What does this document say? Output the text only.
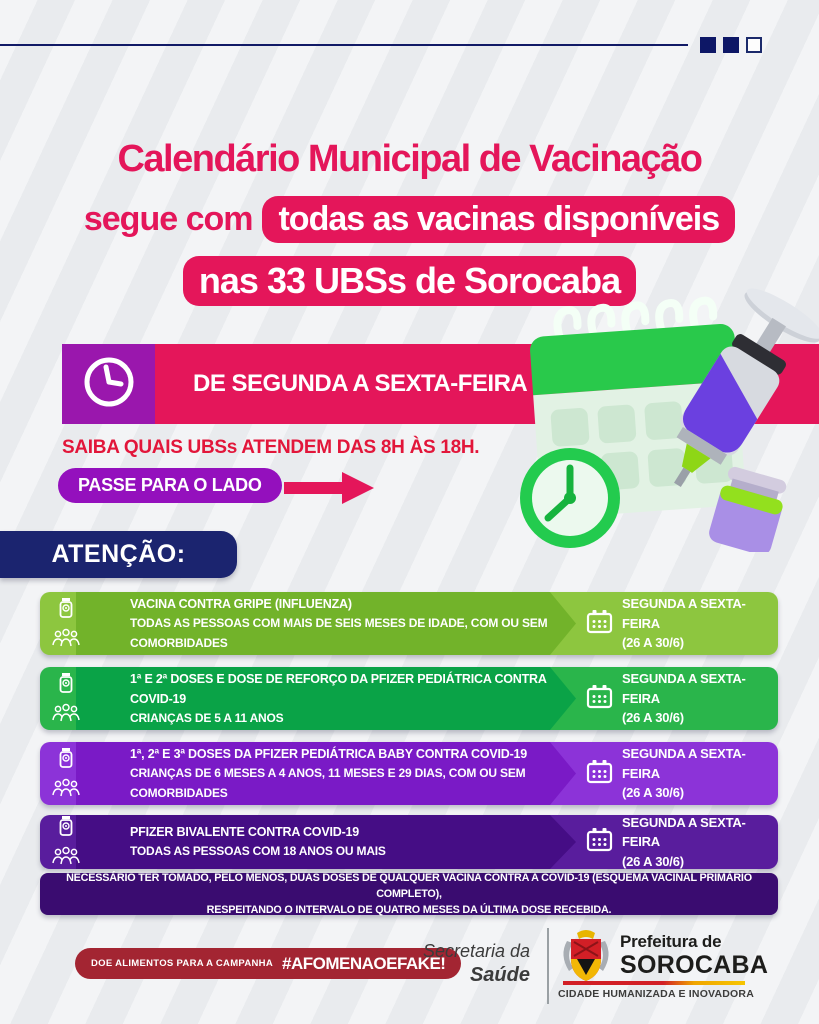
Calendário Municipal de Vacinação
segue com todas as vacinas disponíveis
nas 33 UBSs de Sorocaba
DE SEGUNDA A SEXTA-FEIRA
SAIBA QUAIS UBSs ATENDEM DAS 8H ÀS 18H.
PASSE PARA O LADO
ATENÇÃO:
VACINA CONTRA GRIPE (INFLUENZA)
TODAS AS PESSOAS COM MAIS DE SEIS MESES DE IDADE, COM OU SEM COMORBIDADES
SEGUNDA A SEXTA-FEIRA
(26 A 30/6)
1ª E 2ª DOSES E DOSE DE REFORÇO DA PFIZER PEDIÁTRICA CONTRA COVID-19
CRIANÇAS DE 5 A 11 ANOS
SEGUNDA A SEXTA-FEIRA
(26 A 30/6)
1ª, 2ª E 3ª DOSES DA PFIZER PEDIÁTRICA BABY CONTRA COVID-19
CRIANÇAS DE 6 MESES A 4 ANOS, 11 MESES E 29 DIAS, COM OU SEM COMORBIDADES
SEGUNDA A SEXTA-FEIRA
(26 A 30/6)
PFIZER BIVALENTE CONTRA COVID-19
TODAS AS PESSOAS COM 18 ANOS OU MAIS
SEGUNDA A SEXTA-FEIRA
(26 A 30/6)
NECESSÁRIO TER TOMADO, PELO MENOS, DUAS DOSES DE QUALQUER VACINA CONTRA A COVID-19 (ESQUEMA VACINAL PRIMÁRIO COMPLETO),
RESPEITANDO O INTERVALO DE QUATRO MESES DA ÚLTIMA DOSE RECEBIDA.
DOE ALIMENTOS PARA A CAMPANHA #AFOMENAOEFAKE!
Secretaria da
Saúde
Prefeitura de
SOROCABA
CIDADE HUMANIZADA E INOVADORA
